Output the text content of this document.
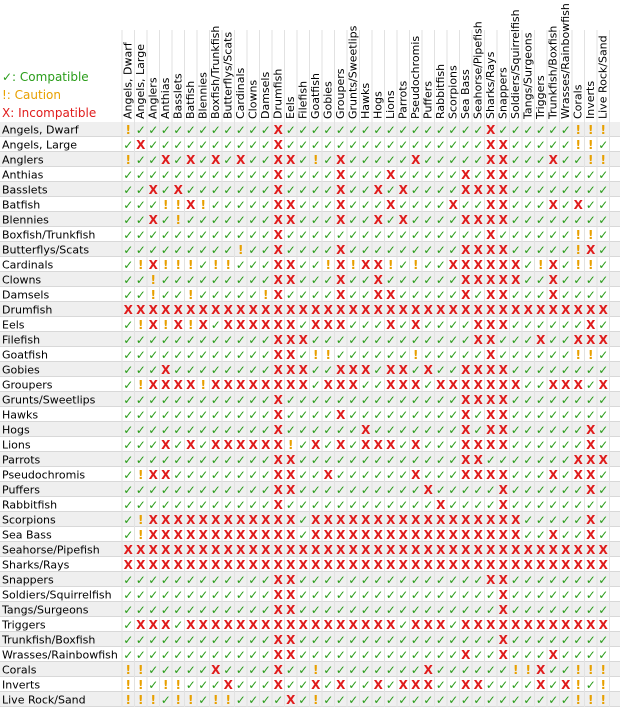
✓: Compatible
!: Caution
X: Incompatible
Angels, Dwarf
Angels, Large
Anglers
Anthias
Basslets
Batfish
Blennies
Boxfish/Trunkfish
Butterflys/Scats
Cardinals
Clowns
Damsels
Drumfish
Eels
Filefish
Goatfish
Gobies
Groupers
Grunts/Sweetlips
Hawks
Hogs
Lions
Parrots
Pseudochromis
Puffers
Rabbitfish
Scorpions
Sea Bass
Seahorse/Pipefish
Sharks/Rays
Snappers
Soldiers/Squirrelfish
Tangs/Surgeons
Triggers
Trunkfish/Boxfish
Wrasses/Rainbowfish
Corals
Inverts
Live Rock/Sand
Angels, Dwarf Angels, Large Anglers Anthias Basslets Batfish Blennies Boxfish/Trunkfish Butterflys/Scats Cardinals Clowns Damsels Drumfish Eels Filefish Goatfish Gobies Groupers Grunts/Sweetlips Hawks Hogs Lions Parrots Pseudochromis Puffers Rabbitfish Scorpions Sea Bass Seahorse/Pipefish Sharks/Rays Snappers Soldiers/Squirrelfish Tangs/Surgeons Triggers Trunkfish/Boxfish Wrasses/Rainbowfish Corals Inverts Live Rock/Sand
! ✓ ✓ ✓ ✓ ✓ ✓ ✓ ✓ ✓ ✓ ✓ X ✓ ✓ ✓ ✓ ✓ ✓ ✓ ✓ ✓ ✓ ✓ ✓ ✓ ✓ ✓ ✓ X ✓ ✓ ✓ ✓ ✓ ✓ ! ! !
✓ X ✓ ✓ ✓ ✓ ✓ ✓ ✓ ✓ ✓ ✓ X ✓ ✓ ✓ ✓ ✓ ✓ ✓ ✓ ✓ ✓ ✓ ✓ ✓ ✓ ✓ ✓ X X ✓ ✓ ✓ ✓ ✓ ! ! ✓
! ✓ ✓ X ✓ X ✓ X ✓ X ✓ ✓ X X ✓ ! ✓ X ✓ ✓ ✓ ✓ ✓ X ✓ ✓ ✓ ✓ ✓ X X ✓ ✓ ✓ X ✓ ✓ ! !
✓ ✓ ✓ ✓ ✓ ✓ ✓ ✓ ✓ ✓ ✓ ✓ X ✓ ✓ ✓ ✓ X ✓ ✓ ✓ X ✓ ✓ ✓ ✓ ✓ X ✓ X X ✓ ✓ ✓ ✓ ✓ ✓ ✓ ✓
✓ ✓ X ✓ X ✓ ✓ ✓ ✓ ✓ ✓ ✓ X ✓ ✓ ✓ ✓ X ✓ ✓ X ✓ X ✓ ✓ ✓ ✓ X X X X ✓ ✓ ✓ ✓ ✓ ✓ ✓ ✓
✓ ✓ ✓ ! ! X ! ✓ ✓ ✓ ✓ ✓ X X ✓ ✓ ✓ X ✓ ✓ ✓ X ✓ ✓ ✓ ✓ X ✓ ✓ X X ✓ ✓ ✓ X ✓ X ✓ ✓
✓ ✓ X ✓ ! ✓ ✓ ✓ ✓ ✓ ✓ ✓ X X ✓ ✓ ✓ X ✓ ✓ X ✓ X ✓ ✓ ✓ ✓ X X X X ✓ ✓ ✓ ✓ ✓ ✓ ✓ ✓
✓ ✓ ✓ ✓ ✓ ✓ ✓ ✓ ✓ ✓ ✓ ✓ X ✓ ✓ ✓ ✓ ✓ ✓ ✓ ✓ ✓ ✓ ✓ ✓ ✓ ✓ ✓ ✓ X ✓ ✓ ✓ ✓ ✓ ✓ ! ! ✓
✓ ✓ ✓ ✓ ✓ ✓ ✓ ✓ ✓ ! ✓ ✓ X ✓ ✓ ✓ ✓ X ✓ ✓ ✓ ✓ ✓ ✓ ✓ ✓ ✓ X X X X ✓ ✓ ✓ ✓ ✓ ! X ✓
✓ ! X ! ! ! ✓ ! ! ✓ ✓ ✓ X X ✓ ✓ ! X ! X X ! ✓ ! ✓ ✓ X X X X X X ✓ ! X ✓ ! ! ✓
✓ ✓ ! ✓ ✓ ✓ ✓ ✓ ✓ ✓ ✓ ✓ X X ✓ ✓ ✓ X ✓ ✓ X ✓ ✓ ✓ ✓ ✓ ✓ X X X X X ✓ ✓ X ✓ ✓ ✓ ✓
✓ ✓ ! ✓ ✓ ! ✓ ✓ ✓ ✓ ✓ ! X ✓ ✓ ✓ ✓ X ✓ ✓ X X ✓ ✓ ✓ ✓ ✓ X ✓ X X ✓ ✓ ✓ X ✓ ✓ ✓ ✓
X X X X X X X X X X X X X X X X X X X X X X X X X X X X X X X X X X X X X X X
✓ ! X ! X ! X ✓ X X X X X X ✓ X X X ✓ ✓ ✓ X ✓ X ✓ ✓ ✓ ✓ X X X ✓ ✓ ✓ ✓ ✓ ✓ X ✓
✓ ✓ ✓ ✓ ✓ ✓ ✓ ✓ ✓ ✓ ✓ ✓ X X X ✓ ✓ ✓ ✓ ✓ ✓ ✓ ✓ ✓ ✓ ✓ ✓ ✓ X X ✓ ✓ ✓ X ✓ ✓ X X X
✓ ✓ ✓ ✓ ✓ ✓ ✓ ✓ ✓ ✓ ✓ ✓ X X ✓ ! ! ✓ ✓ ✓ ✓ ✓ ✓ ! ✓ ✓ ✓ ✓ ✓ X ✓ ✓ ✓ ✓ ✓ ✓ ! ! ✓
✓ ✓ ✓ X ✓ ✓ ✓ ✓ ✓ ✓ ✓ ✓ X X X ✓ ✓ X X X ✓ X X ✓ X ✓ ✓ X X X X ✓ ✓ ✓ ✓ ✓ ✓ ✓ ✓
✓ ! X X X X ! X X X X X X X X ✓ X X X ✓ ✓ X X X ✓ X X X X X X X ✓ ✓ X X X ✓ X
✓ ✓ ✓ ✓ ✓ ✓ ✓ ✓ ✓ ✓ ✓ ✓ X ✓ ✓ ✓ ✓ ✓ ✓ ✓ ✓ ✓ ✓ ✓ ✓ ✓ ✓ X X X X ✓ ✓ ✓ ✓ ✓ ✓ ✓ ✓
✓ ✓ ✓ ✓ ✓ ✓ ✓ ✓ ✓ ✓ ✓ ✓ X ✓ ✓ ✓ ✓ X ✓ ✓ ✓ ✓ ✓ ✓ ✓ ✓ ✓ X ✓ X X ✓ ✓ ✓ ✓ ✓ ✓ ✓ ✓
✓ ✓ ✓ ✓ ✓ ✓ ✓ ✓ ✓ ✓ ✓ ✓ X ✓ ✓ ✓ ✓ ✓ ✓ X ✓ ✓ ✓ ✓ ✓ ✓ ✓ X ✓ X X ✓ ✓ ✓ ✓ ✓ ✓ X ✓
✓ ✓ ✓ X ✓ X ✓ X X X X X X ! ✓ X ✓ X ✓ X X X ✓ X ✓ ✓ ✓ X X X X ✓ ✓ ✓ ✓ ✓ ✓ X ✓
✓ ✓ ✓ ✓ ✓ ✓ ✓ ✓ ✓ ✓ ✓ ✓ X X ✓ ✓ ✓ ✓ ✓ ✓ ✓ ✓ ✓ ✓ ✓ ✓ ✓ X X ✓ ✓ ✓ ✓ ✓ ✓ ✓ X X X
✓ ! X X ✓ ✓ ✓ ✓ ✓ ✓ ✓ ✓ X X ✓ ✓ X ✓ ✓ ✓ ✓ ✓ ✓ X ✓ ✓ ✓ X X X X ✓ ✓ ✓ X ✓ X X ✓
✓ ✓ ✓ ✓ ✓ ✓ ✓ ✓ ✓ ✓ ✓ ✓ X X ✓ ✓ ✓ ✓ ✓ ✓ ✓ ✓ ✓ ✓ X ✓ ✓ ✓ ✓ ✓ X ✓ ✓ ✓ ✓ ✓ ✓ X ✓
✓ ✓ ✓ ✓ ✓ ✓ ✓ ✓ ✓ ✓ ✓ ✓ X ✓ ✓ ✓ ✓ ✓ ✓ ✓ ✓ ✓ ✓ ✓ ✓ X ✓ ✓ ✓ ✓ X ✓ ✓ ✓ ✓ ✓ ✓ ✓ ✓
✓ ! X X X X X X X X X X X X ✓ X X X X X X X X X X X X X X X X X ✓ ✓ ✓ ✓ ✓ X ✓
✓ ! X X X X X X X X X X X X ✓ X X X X X X X X X X X X X X X X X ✓ ✓ X ✓ ✓ X ✓
X X X X X X X X X X X X X X X X X X X X X X X X X X X X X X X X X X X X X X X
X X X X X X X X X X X X X X X X X X X X X X X X X X X X X X X X X X X X X X X
✓ ✓ ✓ ✓ ✓ ✓ ✓ ✓ ✓ ✓ ✓ ✓ X X ✓ ✓ ✓ ✓ ✓ ✓ ✓ ✓ ✓ ✓ ✓ ✓ ✓ ✓ ✓ X X ✓ ✓ ✓ ✓ ✓ ✓ ✓ ✓
✓ ✓ ✓ ✓ ✓ ✓ ✓ ✓ ✓ ✓ ✓ ✓ X X ✓ ✓ ✓ ✓ ✓ ✓ ✓ ✓ ✓ ✓ ✓ ✓ ✓ ✓ ✓ ✓ X ✓ ✓ ✓ ✓ ✓ ✓ ✓ ✓
✓ ✓ ✓ ✓ ✓ ✓ ✓ ✓ ✓ ✓ ✓ ✓ X X ✓ ✓ ✓ ✓ ✓ ✓ ✓ ✓ ✓ ✓ ✓ ✓ ✓ ✓ ✓ ✓ X ✓ ✓ ✓ ✓ ✓ ✓ ✓ ✓
✓ X X X ✓ X X X X X X X X X X X X X X X X X ✓ X X X ✓ X X X X X X X X X X X X
✓ ✓ ✓ ✓ ✓ ✓ ✓ ✓ ✓ ✓ ✓ ✓ X X ✓ ✓ ✓ ✓ ✓ ✓ ✓ ✓ ✓ ✓ ✓ ✓ ✓ ✓ ✓ ✓ X ✓ ✓ ✓ ✓ ✓ ✓ ✓ ✓
✓ ✓ ✓ ✓ ✓ ✓ ✓ ✓ ✓ ✓ ✓ ✓ X X ✓ ✓ ✓ ✓ ✓ ✓ ✓ ✓ ✓ ✓ ✓ ✓ ✓ X ✓ ✓ X ✓ ✓ ✓ X ✓ ✓ ✓ ✓
! ! ✓ ✓ ✓ ✓ ✓ X ✓ ✓ ✓ ✓ X ✓ ✓ ! ✓ ✓ ✓ ✓ ✓ ✓ ✓ ✓ X ✓ ✓ ✓ ✓ ✓ ✓ ! ! X ✓ ✓ ! ! !
! ! ✓ ! ! ✓ ✓ ✓ X ✓ ✓ ✓ X ✓ ✓ X ✓ X ✓ ✓ X ✓ X X X ✓ ✓ X X ✓ ✓ ✓ ✓ X ✓ X ! ✓ !
! ! ! ✓ ! ! ✓ ! ! ✓ ✓ ✓ ✓ X ✓ ! ✓ ✓ ✓ ✓ ✓ ✓ ✓ ✓ ✓ ✓ ✓ ✓ ✓ ✓ ✓ ✓ ✓ ✓ ✓ ✓ ! ! !
